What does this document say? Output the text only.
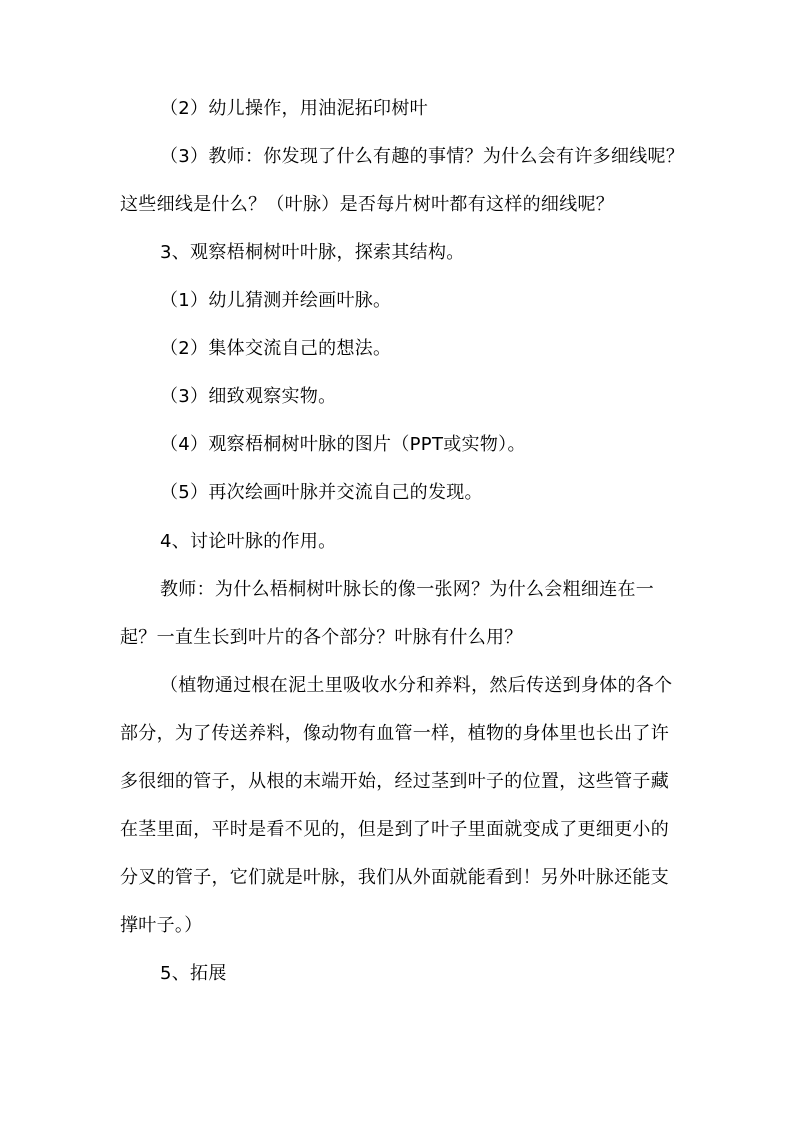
（2）幼儿操作，用油泥拓印树叶
（3）教师：你发现了什么有趣的事情？为什么会有许多细线呢？
这些细线是什么？（叶脉）是否每片树叶都有这样的细线呢？
3、观察梧桐树叶叶脉，探索其结构。
（1）幼儿猜测并绘画叶脉。
（2）集体交流自己的想法。
（3）细致观察实物。
（4）观察梧桐树叶脉的图片（PPT或实物）。
（5）再次绘画叶脉并交流自己的发现。
4、讨论叶脉的作用。
教师：为什么梧桐树叶脉长的像一张网？为什么会粗细连在一
起？一直生长到叶片的各个部分？叶脉有什么用？
（植物通过根在泥土里吸收水分和养料，然后传送到身体的各个
部分，为了传送养料，像动物有血管一样，植物的身体里也长出了许
多很细的管子，从根的末端开始，经过茎到叶子的位置，这些管子藏
在茎里面，平时是看不见的，但是到了叶子里面就变成了更细更小的
分叉的管子，它们就是叶脉，我们从外面就能看到！另外叶脉还能支
撑叶子。）
5、拓展
